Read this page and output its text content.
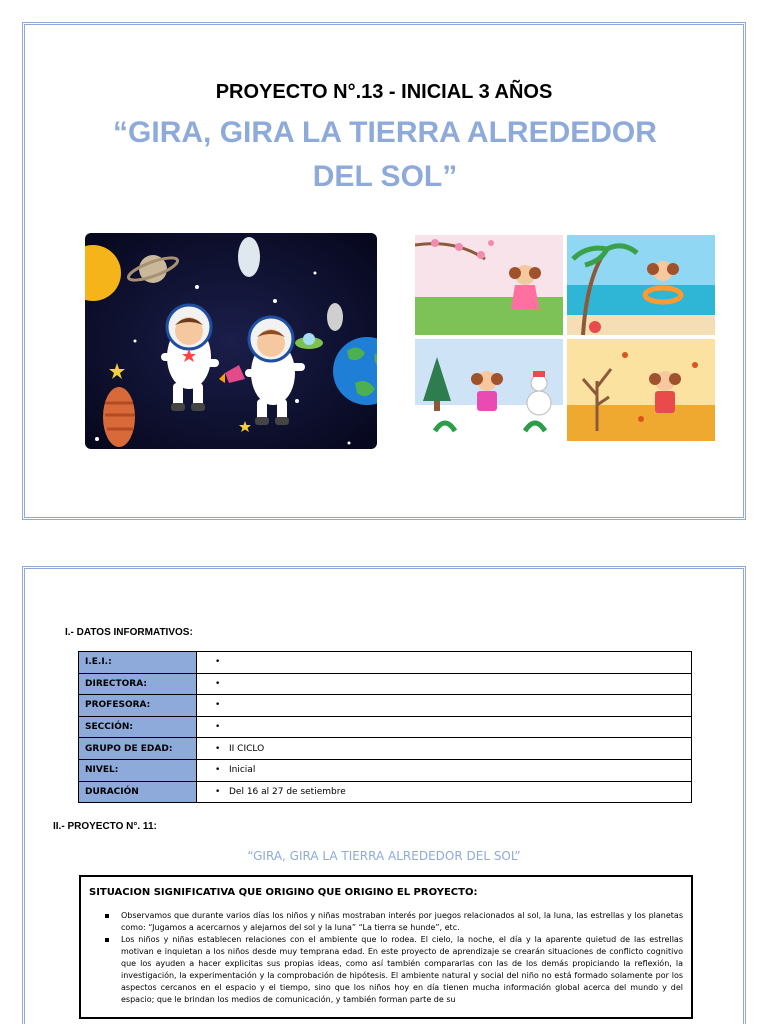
PROYECTO N°.13 - INICIAL 3 AÑOS
“GIRA, GIRA LA TIERRA ALREDEDOR DEL SOL”
I.- DATOS INFORMATIVOS:
I.E.I.:	•
DIRECTORA:	•
PROFESORA:	•
SECCIÓN:	•
GRUPO DE EDAD:	• II CICLO
NIVEL:	• Inicial
DURACIÓN	• Del 16 al 27 de setiembre
II.- PROYECTO N°. 11:
“GIRA, GIRA LA TIERRA ALREDEDOR DEL SOL”
SITUACION SIGNIFICATIVA QUE ORIGINO QUE ORIGINO EL PROYECTO:
Observamos que durante varios días los niños y niñas mostraban interés por juegos relacionados al sol, la luna, las estrellas y los planetas como: “Jugamos a acercarnos y alejarnos del sol y la luna” “La tierra se hunde”, etc.
Los niños y niñas establecen relaciones con el ambiente que lo rodea. El cielo, la noche, el día y la aparente quietud de las estrellas motivan e inquietan a los niños desde muy temprana edad. En este proyecto de aprendizaje se crearán situaciones de conflicto cognitivo que los ayuden a hacer explicitas sus propias ideas, como así también compararlas con las de los demás propiciando la reflexión, la investigación, la experimentación y la comprobación de hipótesis. El ambiente natural y social del niño no está formado solamente por los aspectos cercanos en el espacio y el tiempo, sino que los niños hoy en día tienen mucha información global acerca del mundo y del espacio; que le brindan los medios de comunicación, y también forman parte de su
